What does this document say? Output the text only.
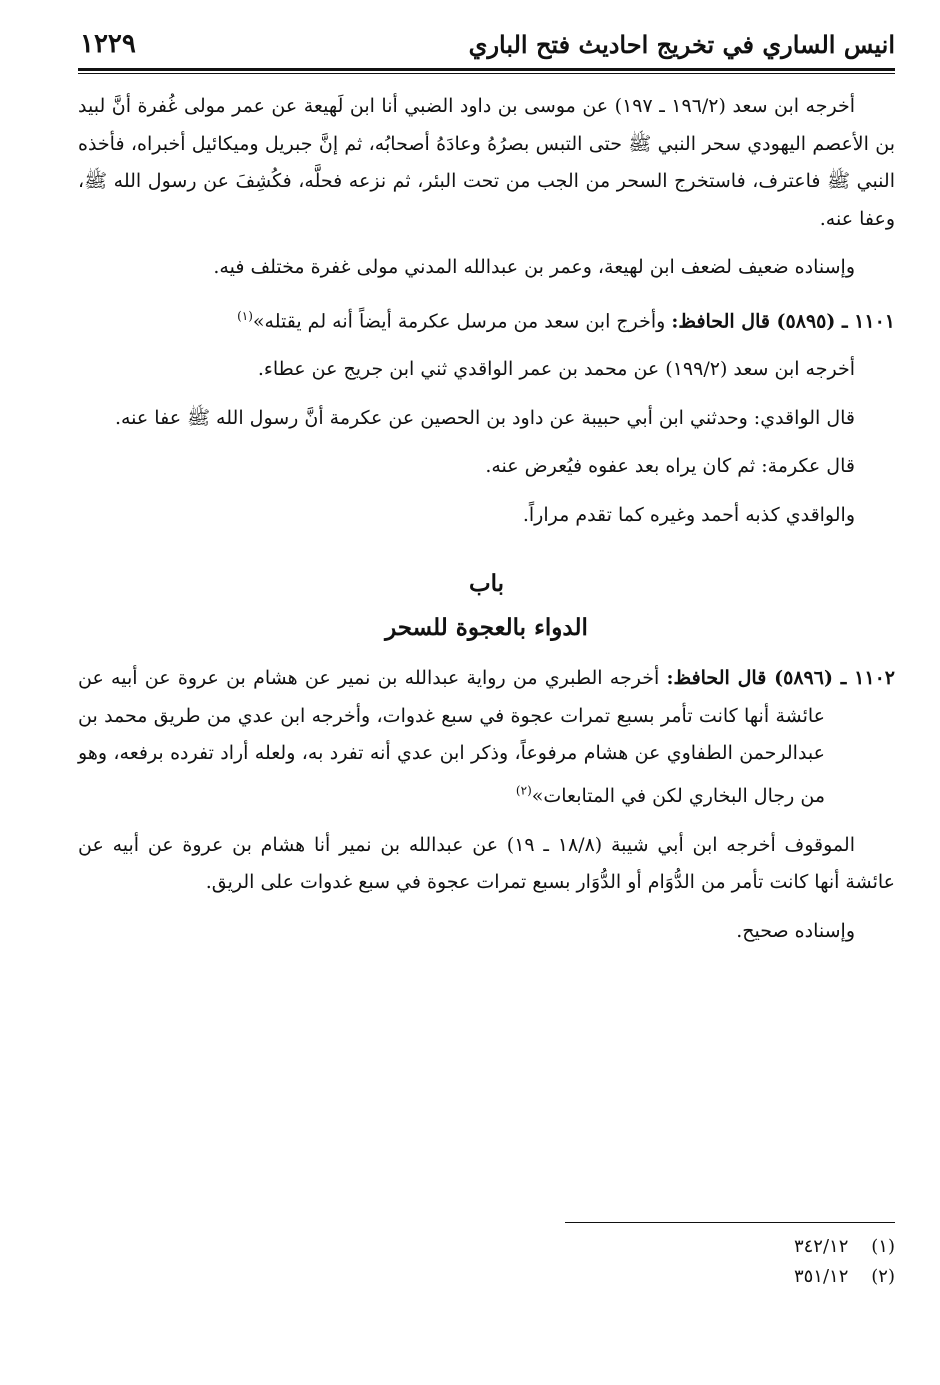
انيس الساري في تخريج احاديث فتح الباري
١٢٢٩

أخرجه ابن سعد (١٩٦/٢ ـ ١٩٧) عن موسى بن داود الضبي أنا ابن لَهيعة عن عمر مولى غُفرة أنَّ لبيد بن الأعصم اليهودي سحر النبي ﷺ حتى التبس بصرُهُ وعادَهُ أصحابُه، ثم إنَّ جبريل وميكائيل أخبراه، فأخذه النبي ﷺ فاعترف، فاستخرج السحر من الجب من تحت البئر، ثم نزعه فحلَّه، فكُشِفَ عن رسول الله ﷺ، وعفا عنه.

وإسناده ضعيف لضعف ابن لهيعة، وعمر بن عبدالله المدني مولى غفرة مختلف فيه.

١١٠١ ـ (٥٨٩٥) قال الحافظ: وأخرج ابن سعد من مرسل عكرمة أيضاً أنه لم يقتله»$^{(١)}$

أخرجه ابن سعد (١٩٩/٢) عن محمد بن عمر الواقدي ثني ابن جريج عن عطاء.

قال الواقدي: وحدثني ابن أبي حبيبة عن داود بن الحصين عن عكرمة أنَّ رسول الله ﷺ عفا عنه.

قال عكرمة: ثم كان يراه بعد عفوه فيُعرض عنه.

والواقدي كذبه أحمد وغيره كما تقدم مراراً.

باب

الدواء بالعجوة للسحر

١١٠٢ ـ (٥٨٩٦) قال الحافظ: أخرجه الطبري من رواية عبدالله بن نمير عن هشام بن عروة عن أبيه عن عائشة أنها كانت تأمر بسبع تمرات عجوة في سبع غدوات، وأخرجه ابن عدي من طريق محمد بن عبدالرحمن الطفاوي عن هشام مرفوعاً، وذكر ابن عدي أنه تفرد به، ولعله أراد تفرده برفعه، وهو من رجال البخاري لكن في المتابعات»$^{(٢)}$

الموقوف أخرجه ابن أبي شيبة (١٨/٨ ـ ١٩) عن عبدالله بن نمير أنا هشام بن عروة عن أبيه عن عائشة أنها كانت تأمر من الدُّوَام أو الدُّوَار بسبع تمرات عجوة في سبع غدوات على الريق.

وإسناده صحيح.

(١)    ٣٤٢/١٢
(٢)    ٣٥١/١٢
